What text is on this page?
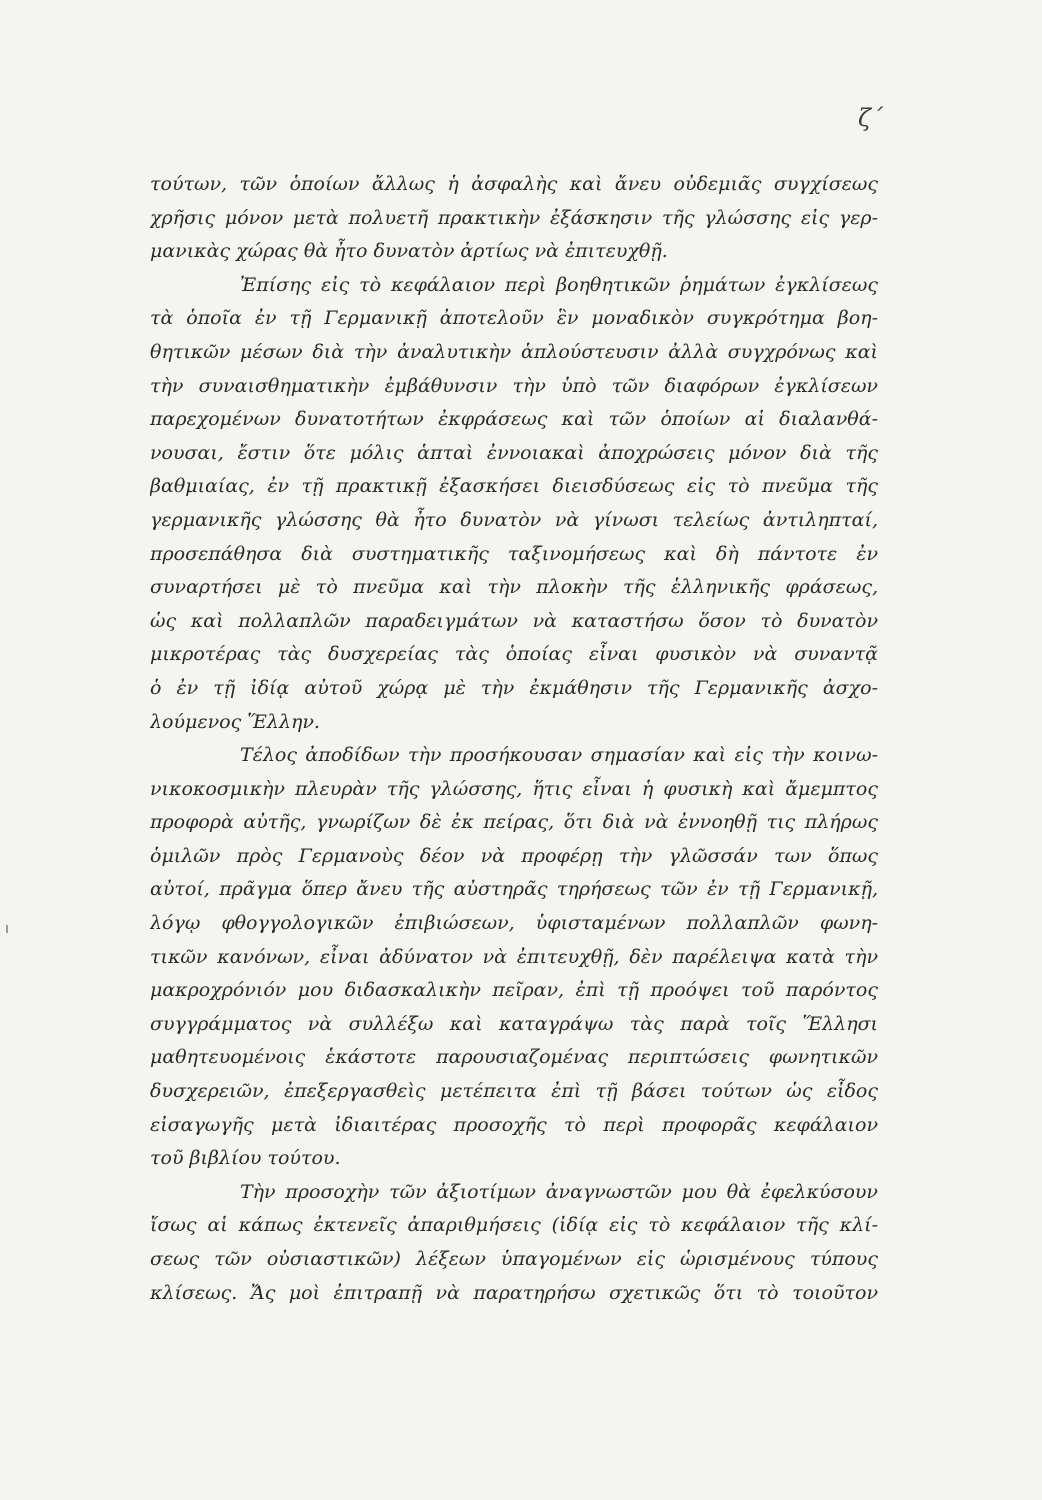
ζ΄
τούτων, τῶν ὁποίων ἄλλως ἡ ἀσφαλὴς καὶ ἄνευ οὐδεμιᾶς συγχίσεως
χρῆσις μόνον μετὰ πολυετῆ πρακτικὴν ἐξάσκησιν τῆς γλώσσης εἰς γερ-
μανικὰς χώρας θὰ ἦτο δυνατὸν ἀρτίως νὰ ἐπιτευχθῇ.
Ἐπίσης εἰς τὸ κεφάλαιον περὶ βοηθητικῶν ῥημάτων ἐγκλίσεως
τὰ ὁποῖα ἐν τῇ Γερμανικῇ ἀποτελοῦν ἓν μοναδικὸν συγκρότημα βοη-
θητικῶν μέσων διὰ τὴν ἀναλυτικὴν ἁπλούστευσιν ἀλλὰ συγχρόνως καὶ
τὴν συναισθηματικὴν ἐμβάθυνσιν τὴν ὑπὸ τῶν διαφόρων ἐγκλίσεων
παρεχομένων δυνατοτήτων ἐκφράσεως καὶ τῶν ὁποίων αἱ διαλανθά-
νουσαι, ἔστιν ὅτε μόλις ἁπταὶ ἐννοιακαὶ ἀποχρώσεις μόνον διὰ τῆς
βαθμιαίας, ἐν τῇ πρακτικῇ ἐξασκήσει διεισδύσεως εἰς τὸ πνεῦμα τῆς
γερμανικῆς γλώσσης θὰ ἦτο δυνατὸν νὰ γίνωσι τελείως ἀντιληπταί,
προσεπάθησα διὰ συστηματικῆς ταξινομήσεως καὶ δὴ πάντοτε ἐν
συναρτήσει μὲ τὸ πνεῦμα καὶ τὴν πλοκὴν τῆς ἑλληνικῆς φράσεως,
ὡς καὶ πολλαπλῶν παραδειγμάτων νὰ καταστήσω ὅσον τὸ δυνατὸν
μικροτέρας τὰς δυσχερείας τὰς ὁποίας εἶναι φυσικὸν νὰ συναντᾷ
ὁ ἐν τῇ ἰδίᾳ αὐτοῦ χώρᾳ μὲ τὴν ἐκμάθησιν τῆς Γερμανικῆς ἀσχο-
λούμενος Ἕλλην.
Τέλος ἀποδίδων τὴν προσήκουσαν σημασίαν καὶ εἰς τὴν κοινω-
νικοκοσμικὴν πλευρὰν τῆς γλώσσης, ἥτις εἶναι ἡ φυσικὴ καὶ ἄμεμπτος
προφορὰ αὐτῆς, γνωρίζων δὲ ἐκ πείρας, ὅτι διὰ νὰ ἐννοηθῇ τις πλήρως
ὁμιλῶν πρὸς Γερμανοὺς δέον νὰ προφέρῃ τὴν γλῶσσάν των ὅπως
αὐτοί, πρᾶγμα ὅπερ ἄνευ τῆς αὐστηρᾶς τηρήσεως τῶν ἐν τῇ Γερμανικῇ,
λόγῳ φθογγολογικῶν ἐπιβιώσεων, ὑφισταμένων πολλαπλῶν φωνη-
τικῶν κανόνων, εἶναι ἀδύνατον νὰ ἐπιτευχθῇ, δὲν παρέλειψα κατὰ τὴν
μακροχρόνιόν μου διδασκαλικὴν πεῖραν, ἐπὶ τῇ προόψει τοῦ παρόντος
συγγράμματος νὰ συλλέξω καὶ καταγράψω τὰς παρὰ τοῖς Ἕλλησι
μαθητευομένοις ἑκάστοτε παρουσιαζομένας περιπτώσεις φωνητικῶν
δυσχερειῶν, ἐπεξεργασθεὶς μετέπειτα ἐπὶ τῇ βάσει τούτων ὡς εἶδος
εἰσαγωγῆς μετὰ ἰδιαιτέρας προσοχῆς τὸ περὶ προφορᾶς κεφάλαιον
τοῦ βιβλίου τούτου.
Τὴν προσοχὴν τῶν ἀξιοτίμων ἀναγνωστῶν μου θὰ ἐφελκύσουν
ἴσως αἱ κάπως ἐκτενεῖς ἀπαριθμήσεις (ἰδίᾳ εἰς τὸ κεφάλαιον τῆς κλί-
σεως τῶν οὐσιαστικῶν) λέξεων ὑπαγομένων εἰς ὡρισμένους τύπους
κλίσεως. Ἄς μοὶ ἐπιτραπῇ νὰ παρατηρήσω σχετικῶς ὅτι τὸ τοιοῦτον
